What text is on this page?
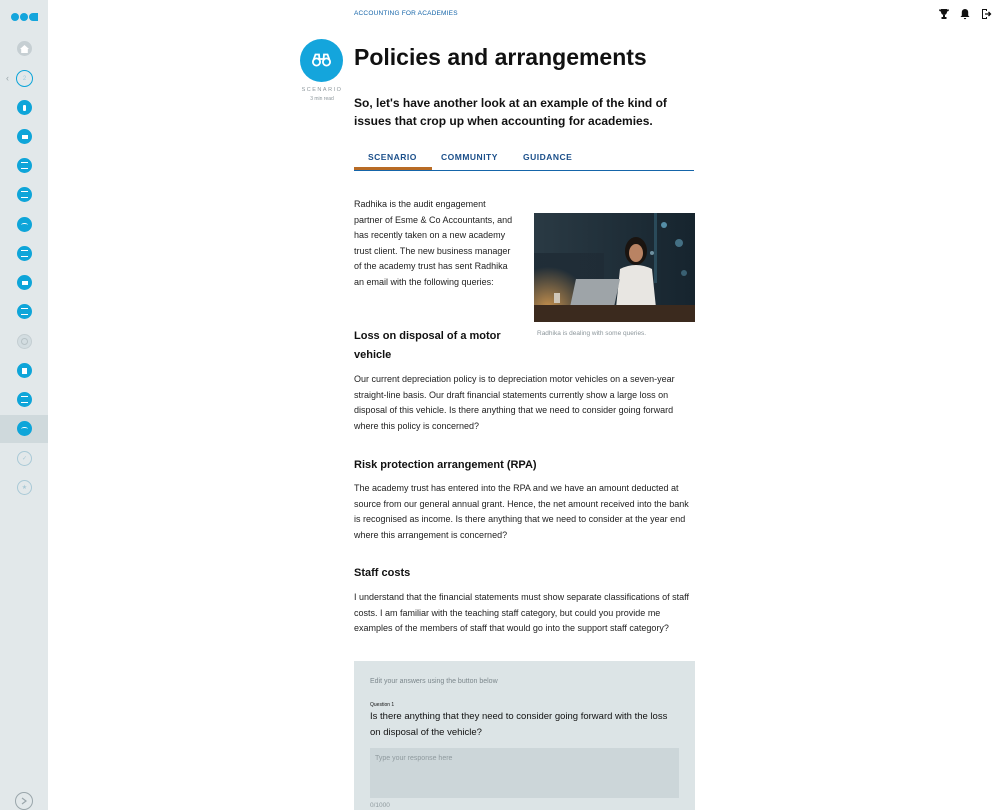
‹ 2
✓
★
ACCOUNTING FOR ACADEMIES
SCENARIO
3 min read
Policies and arrangements

So, let's have another look at an example of the kind of issues that crop up when accounting for academies.

SCENARIO	COMMUNITY	GUIDANCE

Radhika is the audit engagement partner of Esme & Co Accountants, and has recently taken on a new academy trust client. The new business manager of the academy trust has sent Radhika an email with the following queries:

Radhika is dealing with some queries.
Loss on disposal of a motor vehicle

Our current depreciation policy is to depreciation motor vehicles on a seven-year straight-line basis. Our draft financial statements currently show a large loss on disposal of this vehicle. Is there anything that we need to consider going forward where this policy is concerned?

Risk protection arrangement (RPA)

The academy trust has entered into the RPA and we have an amount deducted at source from our general annual grant. Hence, the net amount received into the bank is recognised as income. Is there anything that we need to consider at the year end where this arrangement is concerned?

Staff costs

I understand that the financial statements must show separate classifications of staff costs. I am familiar with the teaching staff category, but could you provide me examples of the members of staff that would go into the support staff category?

Edit your answers using the button below
Question 1

Is there anything that they need to consider going forward with the loss on disposal of the vehicle?

Type your response here
0/1000
